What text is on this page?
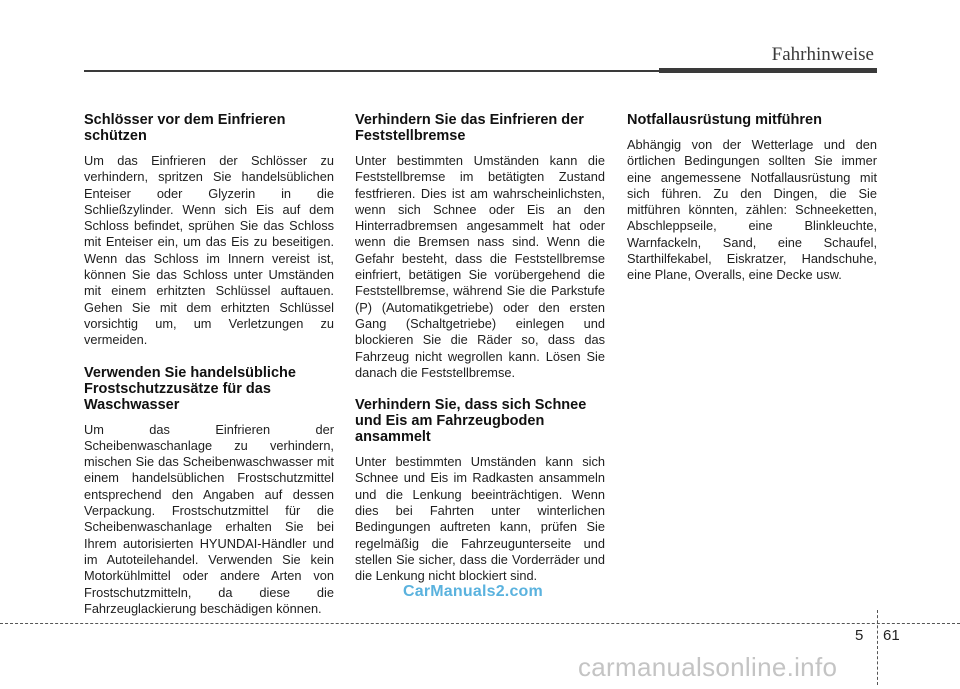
Fahrhinweise
Schlösser vor dem Einfrieren schützen

Um das Einfrieren der Schlösser zu verhindern, spritzen Sie handelsüblichen Enteiser oder Glyzerin in die Schließzylinder. Wenn sich Eis auf dem Schloss befindet, sprühen Sie das Schloss mit Enteiser ein, um das Eis zu beseitigen. Wenn das Schloss im Innern vereist ist, können Sie das Schloss unter Umständen mit einem erhitzten Schlüssel auftauen. Gehen Sie mit dem erhitzten Schlüssel vorsichtig um, um Verletzungen zu vermeiden.

Verwenden Sie handelsübliche Frostschutzzusätze für das Waschwasser

Um das Einfrieren der Scheibenwaschanlage zu verhindern, mischen Sie das Scheibenwaschwasser mit einem handelsüblichen Frostschutzmittel entsprechend den Angaben auf dessen Verpackung. Frostschutzmittel für die Scheibenwaschanlage erhalten Sie bei Ihrem autorisierten HYUNDAI-Händler und im Autoteilehandel. Verwenden Sie kein Motorkühlmittel oder andere Arten von Frostschutzmitteln, da diese die Fahrzeuglackierung beschädigen können.

Verhindern Sie das Einfrieren der Feststellbremse

Unter bestimmten Umständen kann die Feststellbremse im betätigten Zustand festfrieren. Dies ist am wahrscheinlichsten, wenn sich Schnee oder Eis an den Hinterradbremsen angesammelt hat oder wenn die Bremsen nass sind. Wenn die Gefahr besteht, dass die Feststellbremse einfriert, betätigen Sie vorübergehend die Feststellbremse, während Sie die Parkstufe (P) (Automatikgetriebe) oder den ersten Gang (Schaltgetriebe) einlegen und blockieren Sie die Räder so, dass das Fahrzeug nicht wegrollen kann. Lösen Sie danach die Feststellbremse.

Verhindern Sie, dass sich Schnee und Eis am Fahrzeugboden ansammelt

Unter bestimmten Umständen kann sich Schnee und Eis im Radkasten ansammeln und die Lenkung beeinträchtigen. Wenn dies bei Fahrten unter winterlichen Bedingungen auftreten kann, prüfen Sie regelmäßig die Fahrzeugunterseite und stellen Sie sicher, dass die Vorderräder und die Lenkung nicht blockiert sind.

Notfallausrüstung mitführen

Abhängig von der Wetterlage und den örtlichen Bedingungen sollten Sie immer eine angemessene Notfallausrüstung mit sich führen. Zu den Dingen, die Sie mitführen könnten, zählen: Schneeketten, Abschleppseile, eine Blinkleuchte, Warnfackeln, Sand, eine Schaufel, Starthilfekabel, Eiskratzer, Handschuhe, eine Plane, Overalls, eine Decke usw.

CarManuals2.com
5 61
carmanualsonline.info
